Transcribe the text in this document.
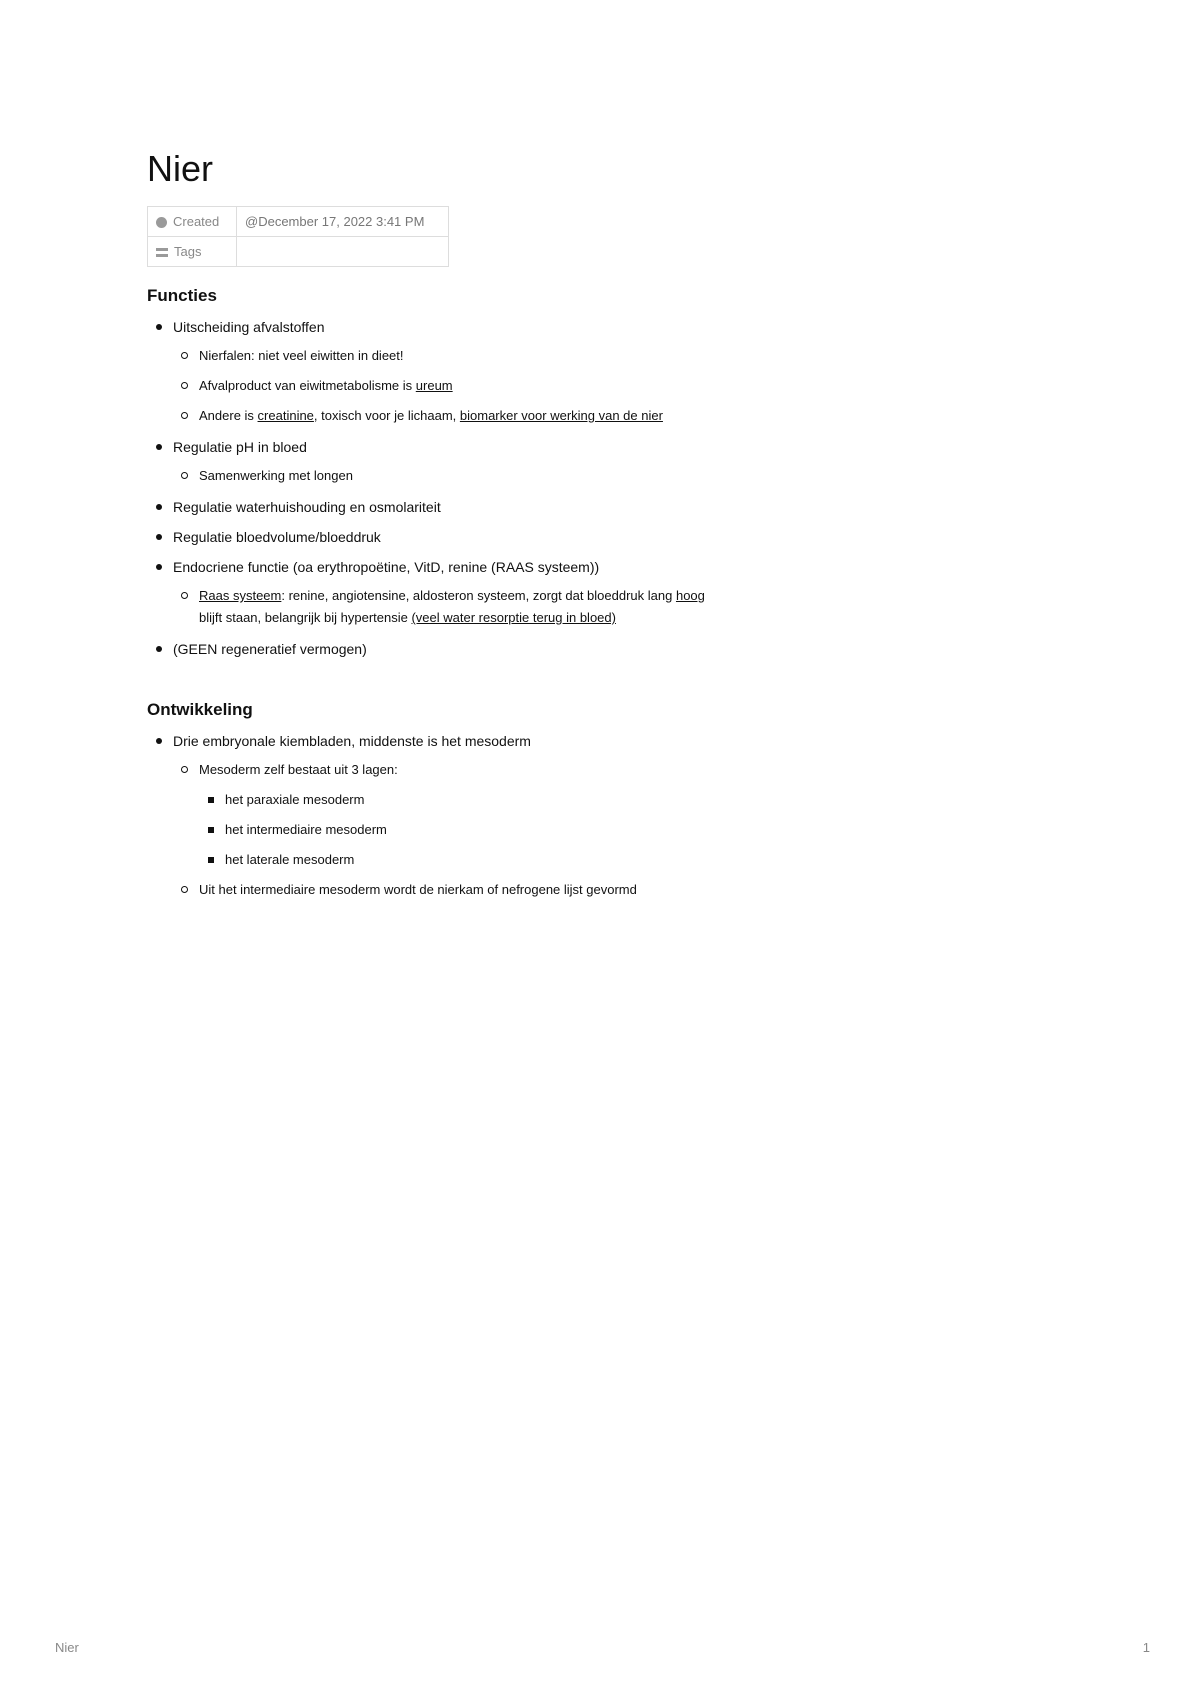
Nier
Created	@December 17, 2022 3:41 PM
Tags	
Functies
Uitscheiding afvalstoffen
Nierfalen: niet veel eiwitten in dieet!
Afvalproduct van eiwitmetabolisme is ureum
Andere is creatinine, toxisch voor je lichaam, biomarker voor werking van de nier
Regulatie pH in bloed
Samenwerking met longen
Regulatie waterhuishouding en osmolariteit
Regulatie bloedvolume/bloeddruk
Endocriene functie (oa erythropoëtine, VitD, renine (RAAS systeem))
Raas systeem: renine, angiotensine, aldosteron systeem, zorgt dat bloeddruk lang hoog blijft staan, belangrijk bij hypertensie (veel water resorptie terug in bloed)
(GEEN regeneratief vermogen)
Ontwikkeling
Drie embryonale kiembladen, middenste is het mesoderm
Mesoderm zelf bestaat uit 3 lagen:
het paraxiale mesoderm
het intermediaire mesoderm
het laterale mesoderm
Uit het intermediaire mesoderm wordt de nierkam of nefrogene lijst gevormd
Nier	1
